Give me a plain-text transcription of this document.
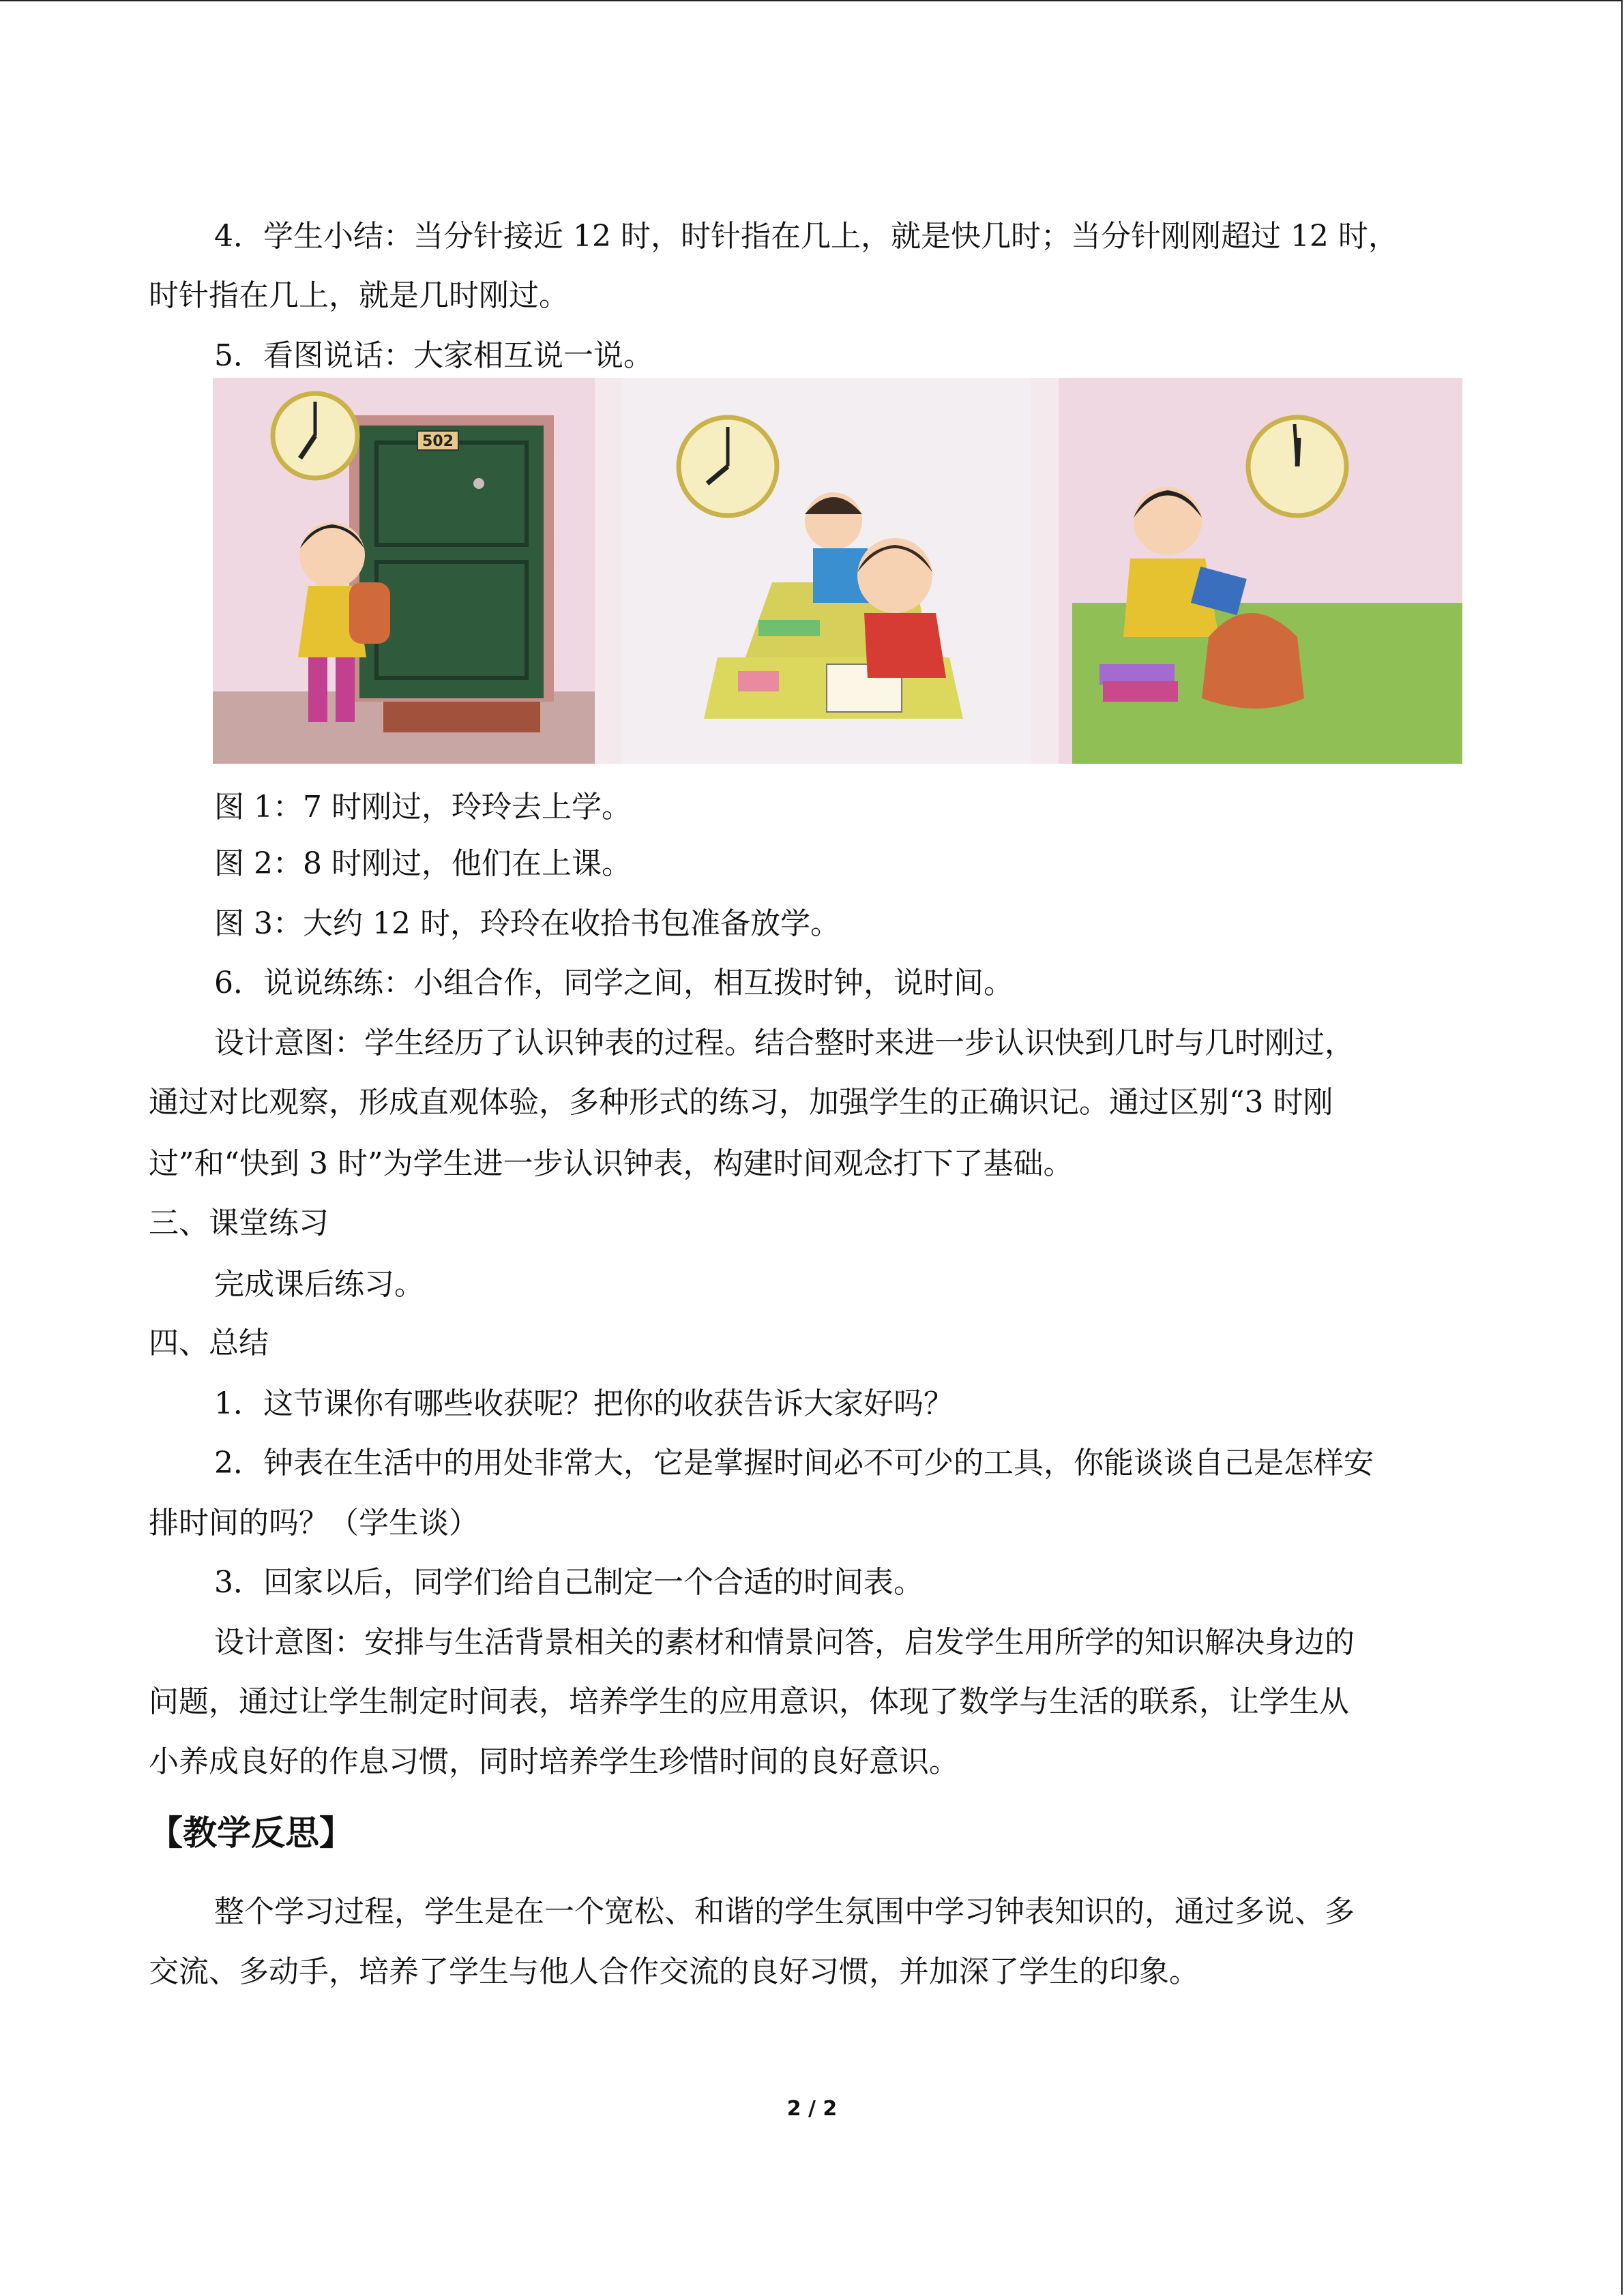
4．学生小结：当分针接近 12 时，时针指在几上，就是快几时；当分针刚刚超过 12 时，
时针指在几上，就是几时刚过。
5．看图说话：大家相互说一说。
502
图 1：7 时刚过，玲玲去上学。
图 2：8 时刚过，他们在上课。
图 3：大约 12 时，玲玲在收拾书包准备放学。
6．说说练练：小组合作，同学之间，相互拨时钟，说时间。
设计意图：学生经历了认识钟表的过程。结合整时来进一步认识快到几时与几时刚过，
通过对比观察，形成直观体验，多种形式的练习，加强学生的正确识记。通过区别“3 时刚
过”和“快到 3 时”为学生进一步认识钟表，构建时间观念打下了基础。
三、课堂练习
完成课后练习。
四、总结
1．这节课你有哪些收获呢？把你的收获告诉大家好吗？
2．钟表在生活中的用处非常大，它是掌握时间必不可少的工具，你能谈谈自己是怎样安
排时间的吗？（学生谈）
3．回家以后，同学们给自己制定一个合适的时间表。
设计意图：安排与生活背景相关的素材和情景问答，启发学生用所学的知识解决身边的
问题，通过让学生制定时间表，培养学生的应用意识，体现了数学与生活的联系，让学生从
小养成良好的作息习惯，同时培养学生珍惜时间的良好意识。
【教学反思】
整个学习过程，学生是在一个宽松、和谐的学生氛围中学习钟表知识的，通过多说、多
交流、多动手，培养了学生与他人合作交流的良好习惯，并加深了学生的印象。
2 / 2
